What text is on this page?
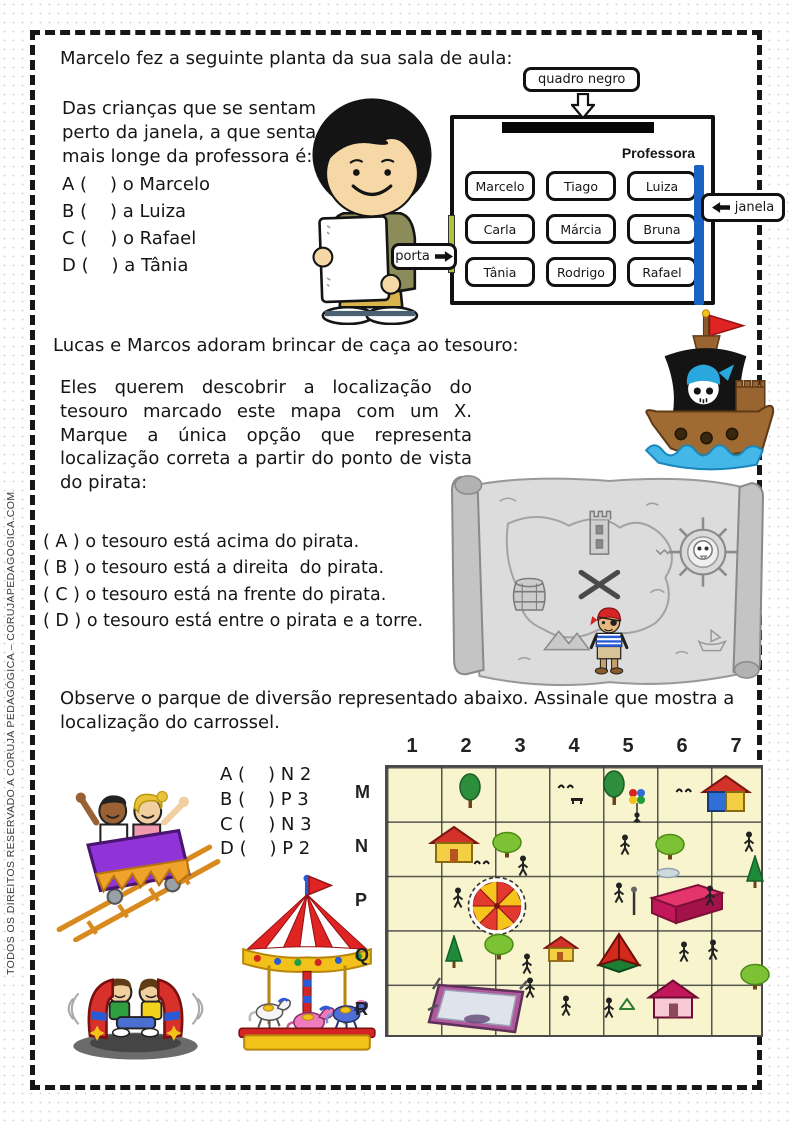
TODOS OS DIREITOS RESERVADO A CORUJA PEDAGÓGICA – CORUJAPEDAGOGICA.COM
Marcelo fez a seguinte planta da sua sala de aula:
Das crianças que se sentam perto da janela, a que senta mais longe da professora é:
A (    ) o Marcelo
B (    ) a Luiza
C (    ) o Rafael
D (    ) a Tânia
quadro negro
Professora
Marcelo	Tiago	Luiza
Carla	Márcia	Bruna
Tânia	Rodrigo	Rafael
janela
porta
Lucas e Marcos adoram brincar de caça ao tesouro:
Eles querem descobrir a localização do tesouro marcado este mapa com um X. Marque a única opção que representa localização correta a partir do ponto de vista do pirata:
( A ) o tesouro está acima do pirata.
( B ) o tesouro está a direita  do pirata.
( C ) o tesouro está na frente do pirata.
( D ) o tesouro está entre o pirata e a torre.
Observe o parque de diversão representado abaixo. Assinale que mostra a localização do carrossel.
A (    ) N 2
B (    ) P 3
C (    ) N 3
D (    ) P 2
1	2	3	4	5	6	7
M
N
P
Q
R
